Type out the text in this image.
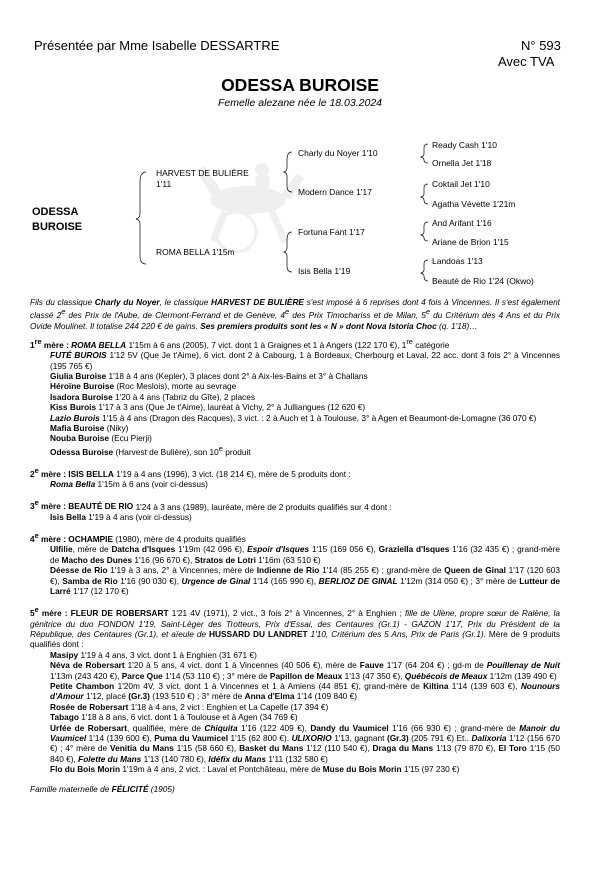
Présentée par Mme Isabelle DESSARTRE	N° 593
Avec TVA
ODESSA BUROISE
Femelle alezane née le 18.03.2024
ODESSA
BUROISE
HARVEST DE BULIÈRE
1'11
ROMA BELLA 1'15m
Charly du Noyer 1'10
Modern Dance 1'17
Fortuna Fant 1'17
Isis Bella 1'19
Ready Cash 1'10
Ornella Jet 1'18
Coktail Jet 1'10
Agatha Vévette 1'21m
And Arifant 1'16
Ariane de Brion 1'15
Landoas 1'13
Beauté de Rio 1'24 (Okwo)

Fils du classique Charly du Noyer, le classique HARVEST DE BULIÈRE s'est imposé à 6 reprises dont 4 fois à Vincennes. Il s'est également classé 2e des Prix de l'Aube, de Clermont-Ferrand et de Genève, 4e des Prix Timochariss et de Milan, 5e du Critérium des 4 Ans et du Prix Ovide Moulinet. Il totalise 244 220 € de gains. Ses premiers produits sont les « N » dont Nova Istoria Choc (q. 1'18)…

1re mère : ROMA BELLA 1'15m à 6 ans (2005), 7 vict. dont 1 à Graignes et 1 à Angers (122 170 €), 1re catégorie

FUTÉ BUROIS 1'12 5V (Que Je t'Aime), 6 vict. dont 2 à Cabourg, 1 à Bordeaux, Cherbourg et Laval, 22 acc. dont 3 fois 2° à Vincennes (195 765 €)

Giulia Buroise 1'18 à 4 ans (Kepler), 3 places dont 2° à Aix-les-Bains et 3° à Challans

Héroïne Buroise (Roc Meslois), morte au sevrage

Isadora Buroise 1'20 à 4 ans (Tabriz du Gîte), 2 places

Kiss Burois 1'17 à 3 ans (Que Je t'Aime), lauréat à Vichy, 2° à Julliangues (12 620 €)

Lazio Burois 1'15 à 4 ans (Dragon des Racques), 3 vict. : 2 à Auch et 1 à Toulouse, 3° à Agen et Beaumont-de-Lomagne (36 070 €)

Mafia Buroise (Niky)

Nouba Buroise (Ecu Pierji)

Odessa Buroise (Harvest de Bulière), son 10e produit

2e mère : ISIS BELLA 1'19 à 4 ans (1996), 3 vict. (18 214 €), mère de 5 produits dont :

Roma Bella 1'15m à 6 ans (voir ci-dessus)

3e mère : BEAUTÉ DE RIO 1'24 à 3 ans (1989), lauréate, mère de 2 produits qualifiés sur 4 dont :

Isis Bella 1'19 à 4 ans (voir ci-dessus)

4e mère : OCHAMPIE (1980), mère de 4 produits qualifiés

Ulfilie, mère de Datcha d'Isques 1'19m (42 096 €), Espoir d'Isques 1'15 (169 056 €), Graziella d'Isques 1'16 (32 435 €) ; grand-mère de Macho des Dunes 1'16 (96 670 €), Stratos de Lotri 1'16m (63 510 €)

Déesse de Rio 1'19 à 3 ans, 2° à Vincennes, mère de Indienne de Rio 1'14 (85 255 €) ; grand-mère de Queen de Ginal 1'17 (120 603 €), Samba de Rio 1'16 (90 030 €), Urgence de Ginal 1'14 (165 990 €), BERLIOZ DE GINAL 1'12m (314 050 €) ; 3° mère de Lutteur de Larré 1'17 (12 170 €)

5e mère : FLEUR DE ROBERSART 1'21 4V (1971), 2 vict., 3 fois 2° à Vincennes, 2° à Enghien ; fille de Ulène, propre sœur de Ralène, la génitrice du duo FONDON 1'19, Saint-Léger des Trotteurs, Prix d'Essai, des Centaures (Gr.1) - GAZON 1'17, Prix du Président de la République, des Centaures (Gr.1), et aïeule de HUSSARD DU LANDRET 1'10, Critérium des 5 Ans, Prix de Paris (Gr.1). Mère de 9 produits qualifiés dont :

Masipy 1'19 à 4 ans, 3 vict. dont 1 à Enghien (31 671 €)

Néva de Robersart 1'20 à 5 ans, 4 vict. dont 1 à Vincennes (40 506 €), mère de Fauve 1'17 (64 204 €) ; gd-m de Pouillenay de Nuit 1'13m (243 420 €), Parce Que 1'14 (53 110 €) ; 3° mère de Papillon de Meaux 1'13 (47 350 €), Québécois de Meaux 1'12m (139 490 €)

Petite Chambon 1'20m 4V, 3 vict. dont 1 à Vincennes et 1 à Amiens (44 851 €), grand-mère de Kiltina 1'14 (139 603 €), Nounours d'Amour 1'12, placé (Gr.3) (193 510 €) ; 3° mère de Anna d'Elma 1'14 (109 840 €)

Rosée de Robersart 1'18 à 4 ans, 2 vict : Enghien et La Capelle (17 394 €)

Tabago 1'18 à 8 ans, 6 vict. dont 1 à Toulouse et à Agen (34 769 €)

Urfée de Robersart, qualifiée, mère de Chiquita 1'16 (122 409 €), Dandy du Vaumicel 1'16 (66 930 €) ; grand-mère de Manoir du Vaumicel 1'14 (139 600 €), Puma du Vaumicel 1'15 (62 800 €). ULIXORIO 1'13, gagnant (Gr.3) (205 791 €) Et.. Dalixoria 1'12 (156 670 €) ; 4° mère de Venitia du Mans 1'15 (58 660 €), Basket du Mans 1'12 (110 540 €), Draga du Mans 1'13 (79 870 €), El Toro 1'15 (50 840 €), Folette du Mans 1'13 (140 780 €), Idéfix du Mans 1'11 (132 580 €)

Flo du Bois Morin 1'19m à 4 ans, 2 vict. : Laval et Pontchâteau, mère de Muse du Bois Morin 1'15 (97 230 €)

Famille maternelle de FÉLICITÉ (1905)
